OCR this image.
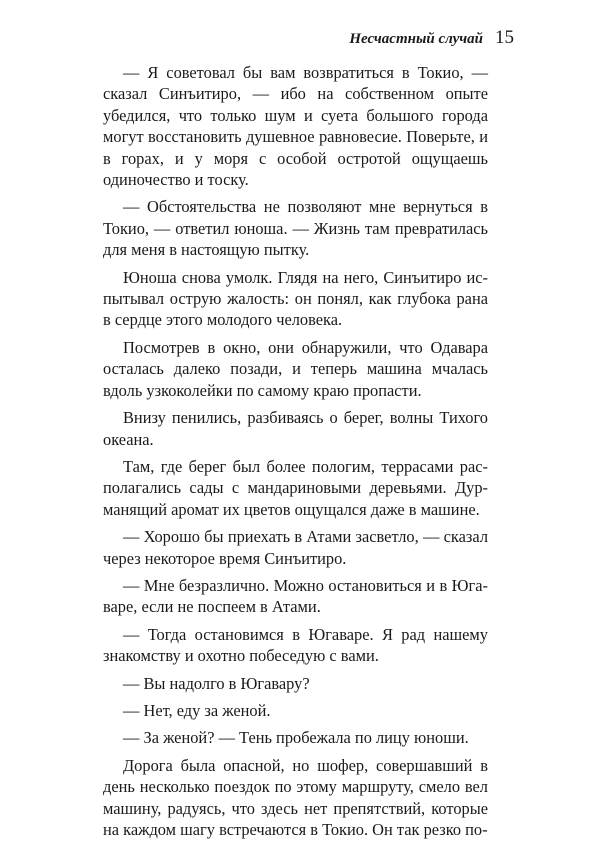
Несчастный случай 15

— Я советовал бы вам возвратиться в Токио, — сказал Синъитиро, — ибо на собственном опыте убедился, что только шум и суета большого города могут восстановить душевное равновесие. Поверьте, и в горах, и у моря с особой остротой ощущаешь одиночество и тоску.

— Обстоятельства не позволяют мне вернуться в Токио, — ответил юноша. — Жизнь там превратилась для меня в настоящую пытку.

Юноша снова умолк. Глядя на него, Синъитиро испытывал острую жалость: он понял, как глубока рана в сердце этого молодого человека.

Посмотрев в окно, они обнаружили, что Одавара осталась далеко позади, и теперь машина мчалась вдоль узкоколейки по самому краю пропасти.

Внизу пенились, разбиваясь о берег, волны Тихого океана.

Там, где берег был более пологим, террасами располагались сады с мандариновыми деревьями. Дурманящий аромат их цветов ощущался даже в машине.

— Хорошо бы приехать в Атами засветло, — сказал через некоторое время Синъитиро.

— Мне безразлично. Можно остановиться и в Югаваре, если не поспеем в Атами.

— Тогда остановимся в Югаваре. Я рад нашему знакомству и охотно побеседую с вами.

— Вы надолго в Югавару?

— Нет, еду за женой.

— За женой? — Тень пробежала по лицу юноши.

Дорога была опасной, но шофер, совершавший в день несколько поездок по этому маршруту, смело вел машину, радуясь, что здесь нет препятствий, которые на каждом шагу встречаются в Токио. Он так резко по-
